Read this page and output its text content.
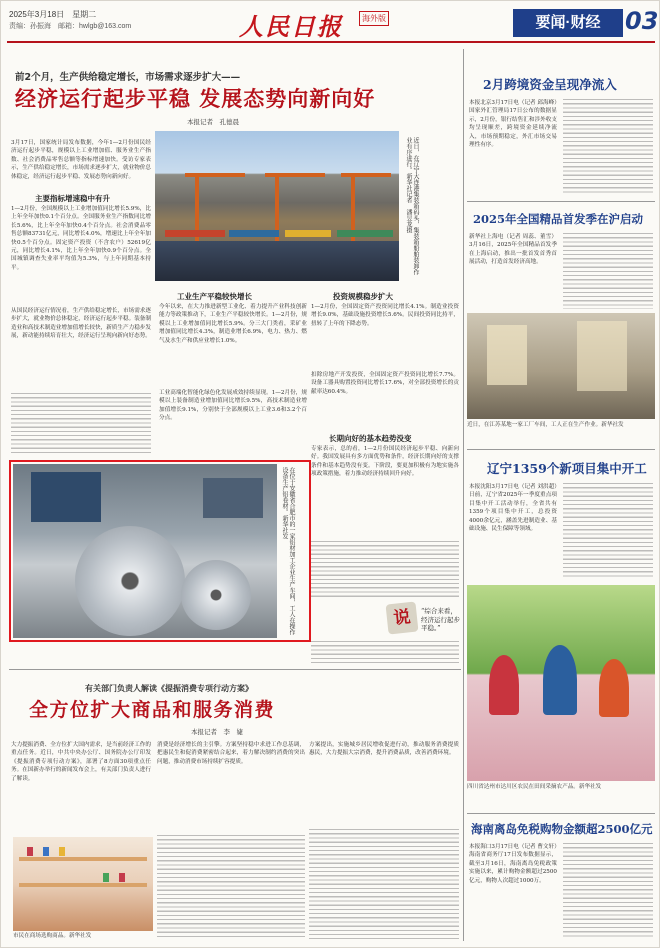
2025年3月18日　星期二
责编：孙振海　邮箱：hwlgb@163.com	人民日报	海外版	要闻·财经	03
前2个月，生产供给稳定增长，市场需求逐步扩大——
经济运行起步平稳 发展态势向新向好
本报记者　孔德晨
3月17日，国家统计局发布数据，今年1—2月份国民经济运行起步平稳，规模以上工业增加值、服务业生产指数、社会消费品零售总额等指标增速加快。受访专家表示，生产供给稳定增长，市场需求逐步扩大，就业物价总体稳定，经济运行起步平稳、发展态势向新向好。
主要指标增速稳中有升
1—2月份，全国规模以上工业增加值同比增长5.9%，比上年全年加快0.1个百分点。全国服务业生产指数同比增长5.6%，比上年全年加快0.4个百分点。社会消费品零售总额83731亿元，同比增长4.0%，增速比上年全年加快0.5个百分点。固定资产投资（不含农户）52619亿元，同比增长4.1%，比上年全年加快0.9个百分点。全国城镇调查失业率平均值为5.3%，与上年同期基本持平。
从国民经济运行情况看，生产供给稳定增长，市场需求逐步扩大，就业物价总体稳定，经济运行起步平稳。装备制造业和高技术制造业增加值增长较快，新质生产力稳步发展，新动能持续培育壮大，经济运行呈现向新向好态势。
近日，在辽宁大连港集装箱码头，集装箱船舶装卸作业有序进行。新华社记者　潘昱龙摄
工业生产平稳较快增长
今年以来，在大力推进新型工业化、着力提升产业科技创新能力等政策推动下，工业生产平稳较快增长。1—2月份，规模以上工业增加值同比增长5.9%。分三大门类看，采矿业增加值同比增长4.3%，制造业增长6.9%，电力、热力、燃气及水生产和供应业增长1.0%。
工业高端化智能化绿色化发展成效持续显现。1—2月份，规模以上装备制造业增加值同比增长9.5%，高技术制造业增加值增长9.1%，分别快于全部规模以上工业3.6和3.2个百分点。
投资规模稳步扩大
1—2月份，全国固定资产投资同比增长4.1%。制造业投资增长9.0%，基础设施投资增长5.6%。民间投资同比持平，扭转了上年的下降态势。
扣除房地产开发投资，全国固定资产投资同比增长7.7%。设备工器具购置投资同比增长17.6%，对全部投资增长的贡献率达60.4%。
长期向好的基本趋势没变
专家表示，总的看，1—2月份国民经济起步平稳、向新向好。我国发展具有多方面优势和条件，经济长期向好的支撑条件和基本趋势没有变。下阶段，要更加积极有为地实施各项政策措施，着力推动经济持续回升向好。
说	“综合来看，经济运行起步平稳。”
在位于安徽省合肥市的一家铝材加工企业生产车间，工人在操作设备生产铝卷材。新华社发
有关部门负责人解读《提振消费专项行动方案》
全方位扩大商品和服务消费
本报记者　李　婕
大力提振消费、全方位扩大国内需求，是当前经济工作的重点任务。近日，中共中央办公厅、国务院办公厅印发《提振消费专项行动方案》，部署了8方面30项重点任务。在国新办举行的新闻发布会上，有关部门负责人进行了解读。
市民在商场选购商品。新华社发
消费是经济增长的主引擎。方案坚持稳中求进工作总基调，把惠民生和促消费紧密结合起来，着力解决制约消费的突出问题，推动消费市场持续扩容提质。
方案提出，实施城乡居民增收促进行动，推动服务消费提质惠民，大力提振大宗消费，提升消费品质，改善消费环境。
2月跨境资金呈现净流入
本报北京3月17日电（记者 邱海峰）国家外汇管理局17日公布的数据显示，2月份，银行结售汇和涉外收支均呈现顺差，跨境资金延续净流入，市场预期稳定，外汇市场交易理性有序。
2025年全国精品首发季在沪启动
新华社上海电（记者 周蕊、董雪）3月16日，2025年全国精品首发季在上海启动，推出一批首发首秀首展活动，打造首发经济高地。
近日，在江苏某地一家工厂车间，工人正在生产作业。新华社发
辽宁1359个新项目集中开工
本报沈阳3月17日电（记者 刘洪超）日前，辽宁省2025年一季度重点项目集中开工活动举行，全省共有1359个项目集中开工，总投资4000余亿元，涵盖先进制造业、基础设施、民生保障等领域。
四川省达州市达川区农民在田间采摘农产品。新华社发
海南离岛免税购物金额超2500亿元
本报海口3月17日电（记者 曹文轩）海南省商务厅17日发布数据显示，截至3月16日，海南离岛免税政策实施以来，累计购物金额超过2500亿元，购物人次超过1000万。
